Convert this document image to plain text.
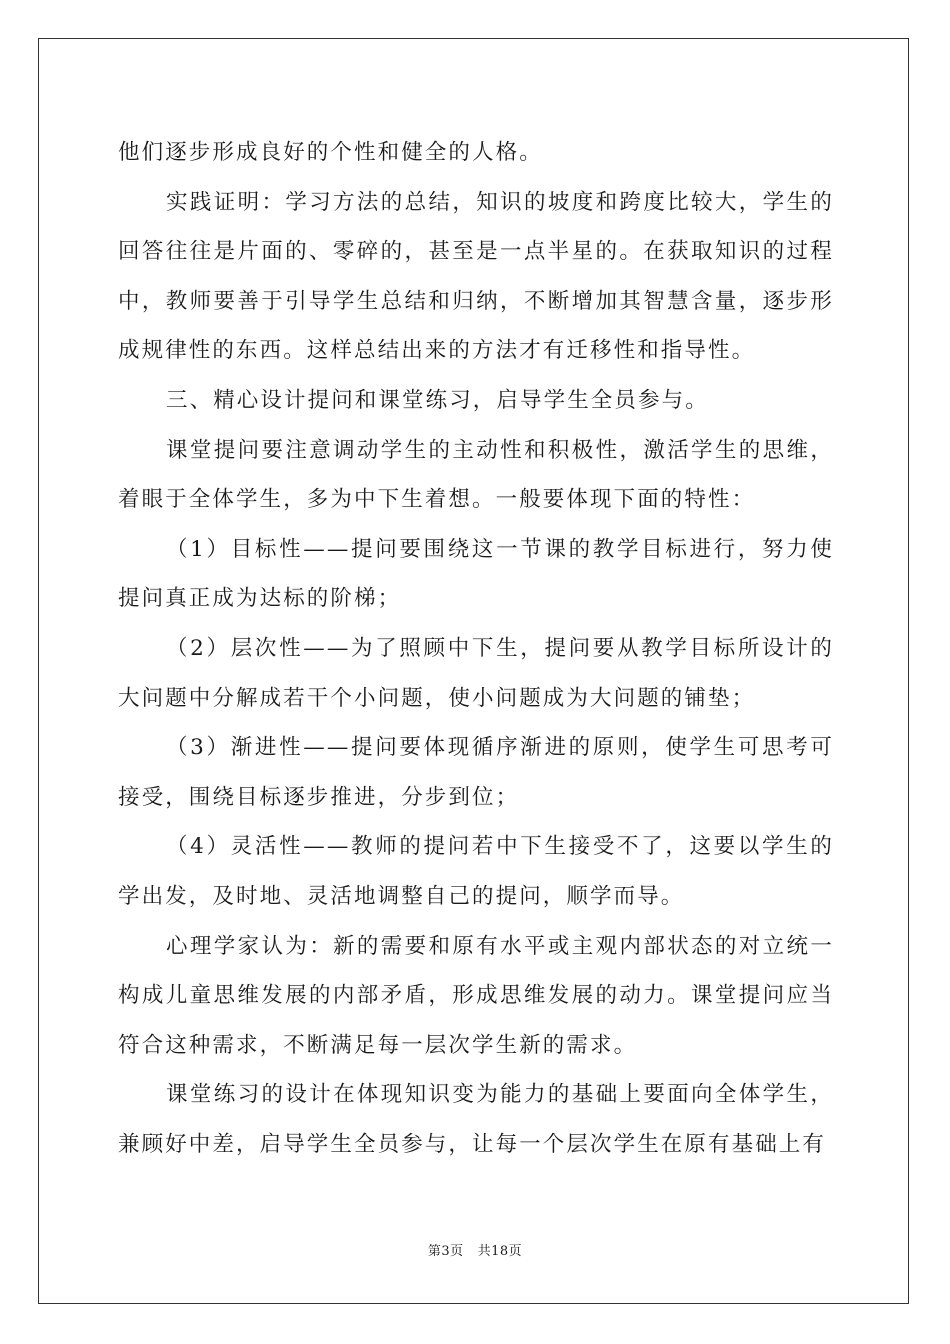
他们逐步形成良好的个性和健全的人格。

实践证明：学习方法的总结，知识的坡度和跨度比较大，学生的回答往往是片面的、零碎的，甚至是一点半星的。在获取知识的过程中，教师要善于引导学生总结和归纳，不断增加其智慧含量，逐步形成规律性的东西。这样总结出来的方法才有迁移性和指导性。

三、精心设计提问和课堂练习，启导学生全员参与。

课堂提问要注意调动学生的主动性和积极性，激活学生的思维，着眼于全体学生，多为中下生着想。一般要体现下面的特性：

（1）目标性——提问要围绕这一节课的教学目标进行，努力使提问真正成为达标的阶梯；

（2）层次性——为了照顾中下生，提问要从教学目标所设计的大问题中分解成若干个小问题，使小问题成为大问题的铺垫；

（3）渐进性——提问要体现循序渐进的原则，使学生可思考可接受，围绕目标逐步推进，分步到位；

（4）灵活性——教师的提问若中下生接受不了，这要以学生的学出发，及时地、灵活地调整自己的提问，顺学而导。

心理学家认为：新的需要和原有水平或主观内部状态的对立统一构成儿童思维发展的内部矛盾，形成思维发展的动力。课堂提问应当符合这种需求，不断满足每一层次学生新的需求。

课堂练习的设计在体现知识变为能力的基础上要面向全体学生，兼顾好中差，启导学生全员参与，让每一个层次学生在原有基础上有

第3页 共18页
